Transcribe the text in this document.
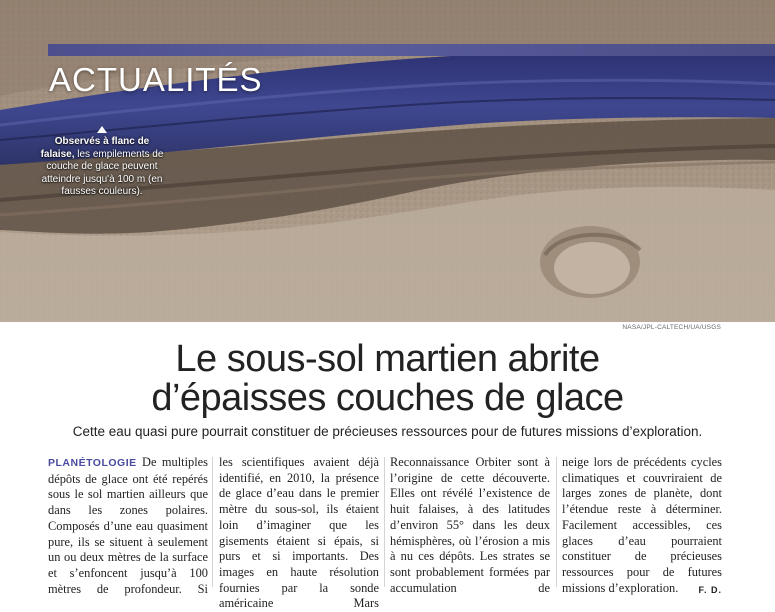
ACTUALITÉS
Observés à flanc de falaise, les empilements de couche de glace peuvent atteindre jusqu'à 100 m (en fausses couleurs).
NASA/JPL-CALTECH/UA/USGS
Le sous-sol martien abrite
d’épaisses couches de glace

Cette eau quasi pure pourrait constituer de précieuses ressources pour de futures missions d’exploration.

PLANÉTOLOGIE De multiples dépôts de glace ont été repérés sous le sol martien ailleurs que dans les zones polaires. Composés d’une eau quasiment pure, ils se situent à seulement un ou deux mètres de la surface et s’enfoncent jusqu’à 100 mètres de profondeur. Si

les scientifiques avaient déjà identifié, en 2010, la présence de glace d’eau dans le premier mètre du sous-sol, ils étaient loin d’imaginer que les gisements étaient si épais, si purs et si importants. Des images en haute résolution fournies par la sonde américaine Mars

Reconnaissance Orbiter sont à l’origine de cette découverte. Elles ont révélé l’existence de huit falaises, à des latitudes d’environ 55° dans les deux hémisphères, où l’érosion a mis à nu ces dépôts. Les strates se sont probablement formées par accumulation de

neige lors de précédents cycles climatiques et couvriraient de larges zones de planète, dont l’étendue reste à déterminer. Facilement accessibles, ces glaces d’eau pourraient constituer de précieuses ressources pour de futures missions d’exploration. F. D.
